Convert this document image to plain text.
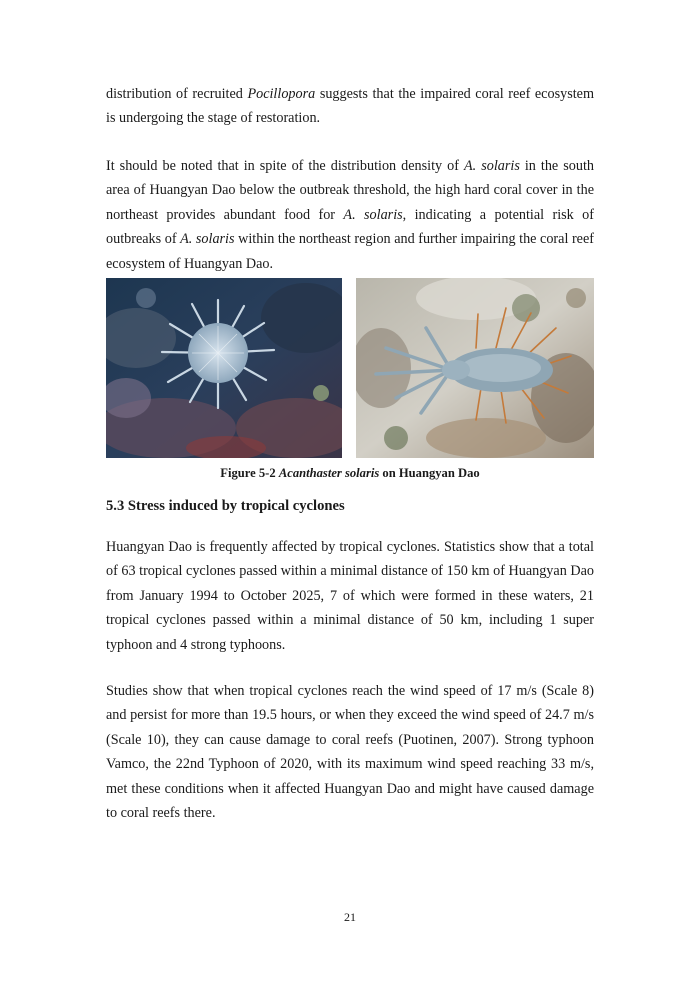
distribution of recruited Pocillopora suggests that the impaired coral reef ecosystem is undergoing the stage of restoration.

It should be noted that in spite of the distribution density of A. solaris in the south area of Huangyan Dao below the outbreak threshold, the high hard coral cover in the northeast provides abundant food for A. solaris, indicating a potential risk of outbreaks of A. solaris within the northeast region and further impairing the coral reef ecosystem of Huangyan Dao.

Figure 5-2 Acanthaster solaris on Huangyan Dao
5.3 Stress induced by tropical cyclones

Huangyan Dao is frequently affected by tropical cyclones. Statistics show that a total of 63 tropical cyclones passed within a minimal distance of 150 km of Huangyan Dao from January 1994 to October 2025, 7 of which were formed in these waters, 21 tropical cyclones passed within a minimal distance of 50 km, including 1 super typhoon and 4 strong typhoons.

Studies show that when tropical cyclones reach the wind speed of 17 m/s (Scale 8) and persist for more than 19.5 hours, or when they exceed the wind speed of 24.7 m/s (Scale 10), they can cause damage to coral reefs (Puotinen, 2007). Strong typhoon Vamco, the 22nd Typhoon of 2020, with its maximum wind speed reaching 33 m/s, met these conditions when it affected Huangyan Dao and might have caused damage to coral reefs there.

21
